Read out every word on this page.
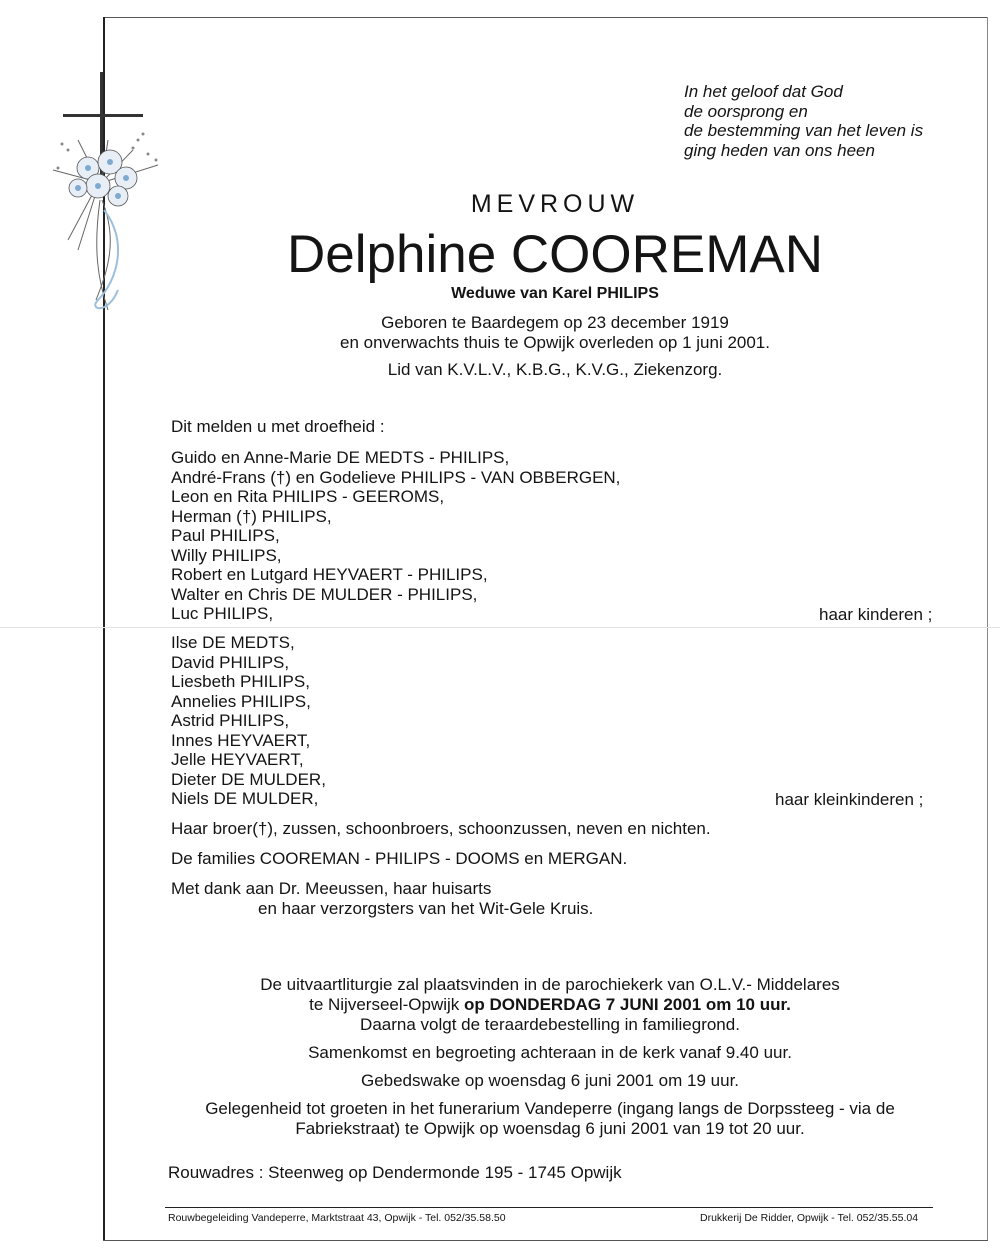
In het geloof dat God
de oorsprong en
de bestemming van het leven is
ging heden van ons heen
MEVROUW
Delphine COOREMAN
Weduwe van Karel PHILIPS
Geboren te Baardegem op 23 december 1919
en onverwachts thuis te Opwijk overleden op 1 juni 2001.
Lid van K.V.L.V., K.B.G., K.V.G., Ziekenzorg.
Dit melden u met droefheid :
Guido en Anne-Marie DE MEDTS - PHILIPS,
André-Frans (†) en Godelieve PHILIPS - VAN OBBERGEN,
Leon en Rita PHILIPS - GEEROMS,
Herman (†) PHILIPS,
Paul PHILIPS,
Willy PHILIPS,
Robert en Lutgard HEYVAERT - PHILIPS,
Walter en Chris DE MULDER - PHILIPS,
Luc PHILIPS,	haar kinderen ;
Ilse DE MEDTS,
David PHILIPS,
Liesbeth PHILIPS,
Annelies PHILIPS,
Astrid PHILIPS,
Innes HEYVAERT,
Jelle HEYVAERT,
Dieter DE MULDER,
Niels DE MULDER,	haar kleinkinderen ;
Haar broer(†), zussen, schoonbroers, schoonzussen, neven en nichten.
De families COOREMAN - PHILIPS - DOOMS en MERGAN.
Met dank aan Dr. Meeussen, haar huisarts
en haar verzorgsters van het Wit-Gele Kruis.
De uitvaartliturgie zal plaatsvinden in de parochiekerk van O.L.V.- Middelares
te Nijverseel-Opwijk op DONDERDAG 7 JUNI 2001 om 10 uur.
Daarna volgt de teraardebestelling in familiegrond.
Samenkomst en begroeting achteraan in de kerk vanaf 9.40 uur.
Gebedswake op woensdag 6 juni 2001 om 19 uur.
Gelegenheid tot groeten in het funerarium Vandeperre (ingang langs de Dorpssteeg - via de
Fabriekstraat) te Opwijk op woensdag 6 juni 2001 van 19 tot 20 uur.
Rouwadres : Steenweg op Dendermonde 195 - 1745 Opwijk
Rouwbegeleiding Vandeperre, Marktstraat 43, Opwijk - Tel. 052/35.58.50	Drukkerij De Ridder, Opwijk - Tel. 052/35.55.04
